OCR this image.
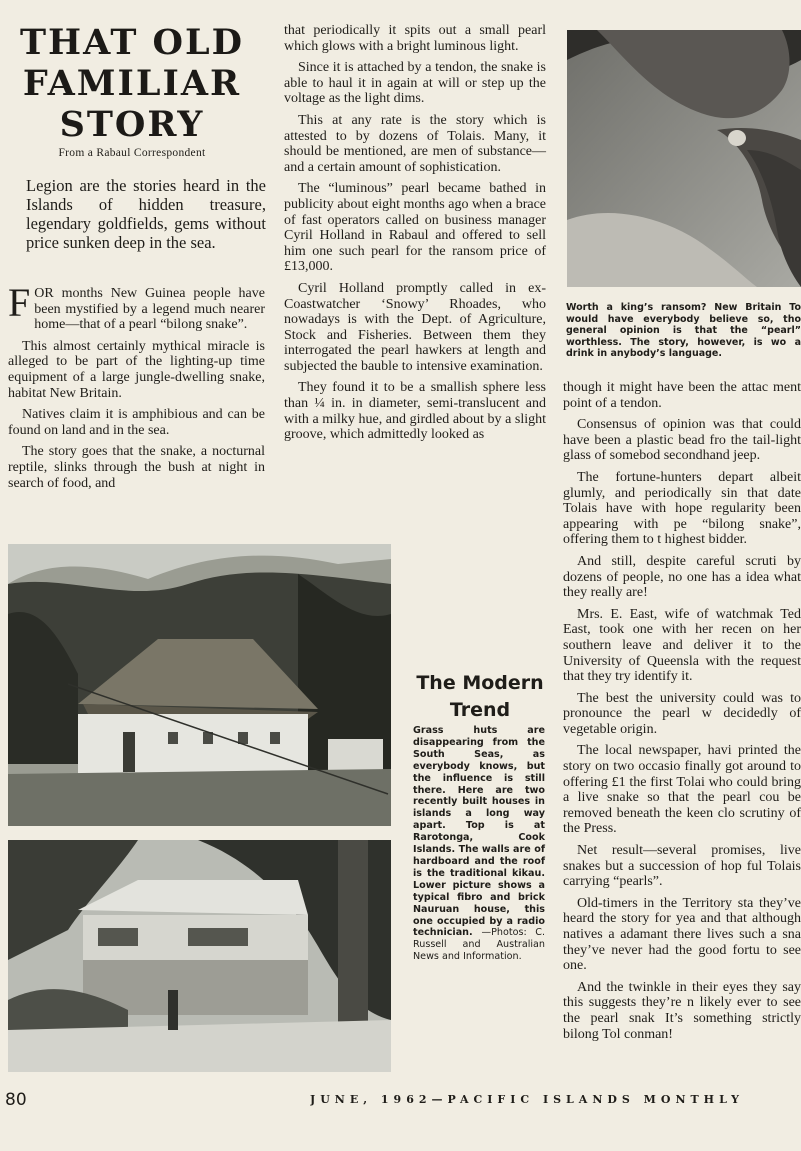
THAT OLD
FAMILIAR
STORY
From a Rabaul Correspondent
Legion are the stories heard in the Islands of hidden treasure, legendary goldfields, gems without price sunken deep in the sea.

FOR months New Guinea people have been mystified by a legend much nearer home—that of a pearl “bilong snake”.

This almost certainly mythical miracle is alleged to be part of the lighting-up time equipment of a large jungle-dwelling snake, habitat New Britain.

Natives claim it is amphibious and can be found on land and in the sea.

The story goes that the snake, a nocturnal reptile, slinks through the bush at night in search of food, and

that periodically it spits out a small pearl which glows with a bright luminous light.

Since it is attached by a tendon, the snake is able to haul it in again at will or step up the voltage as the light dims.

This at any rate is the story which is attested to by dozens of Tolais. Many, it should be mentioned, are men of substance—and a certain amount of sophistication.

The “luminous” pearl became bathed in publicity about eight months ago when a brace of fast operators called on business manager Cyril Holland in Rabaul and offered to sell him one such pearl for the ransom price of £13,000.

Cyril Holland promptly called in ex-Coastwatcher ‘Snowy’ Rhoades, who nowadays is with the Dept. of Agriculture, Stock and Fisheries. Between them they interrogated the pearl hawkers at length and subjected the bauble to intensive examination.

They found it to be a smallish sphere less than ¼ in. in diameter, semi-translucent and with a milky hue, and girdled about by a slight groove, which admittedly looked as

Worth a king’s ransom? New Britain To would have everybody believe so, tho general opinion is that the “pearl” worthless. The story, however, is wo a drink in anybody’s language.

though it might have been the attac ment point of a tendon.

Consensus of opinion was that could have been a plastic bead fro the tail-light glass of somebod secondhand jeep.

The fortune-hunters depart albeit glumly, and periodically sin that date Tolais have with hope regularity been appearing with pe “bilong snake”, offering them to t highest bidder.

And still, despite careful scruti by dozens of people, no one has a idea what they really are!

Mrs. E. East, wife of watchmak Ted East, took one with her recen on her southern leave and deliver it to the University of Queensla with the request that they try identify it.

The best the university could was to pronounce the pearl w decidedly of vegetable origin.

The local newspaper, havi printed the story on two occasio finally got around to offering £1 the first Tolai who could bring a live snake so that the pearl cou be removed beneath the keen clo scrutiny of the Press.

Net result—several promises, live snakes but a succession of hop ful Tolais carrying “pearls”.

Old-timers in the Territory sta they’ve heard the story for yea and that although natives a adamant there lives such a sna they’ve never had the good fortu to see one.

And the twinkle in their eyes they say this suggests they’re n likely ever to see the pearl snak It’s something strictly bilong Tol conman!

The Modern Trend
Grass huts are disappearing from the South Seas, as everybody knows, but the influence is still there. Here are two recently built houses in islands a long way apart. Top is at Rarotonga, Cook Islands. The walls are of hardboard and the roof is the traditional kikau. Lower picture shows a typical fibro and brick Nauruan house, this one occupied by a radio technician. —Photos: C. Russell and Australian News and Information.
80	JUNE, 1962—PACIFIC ISLANDS MONTHLY
